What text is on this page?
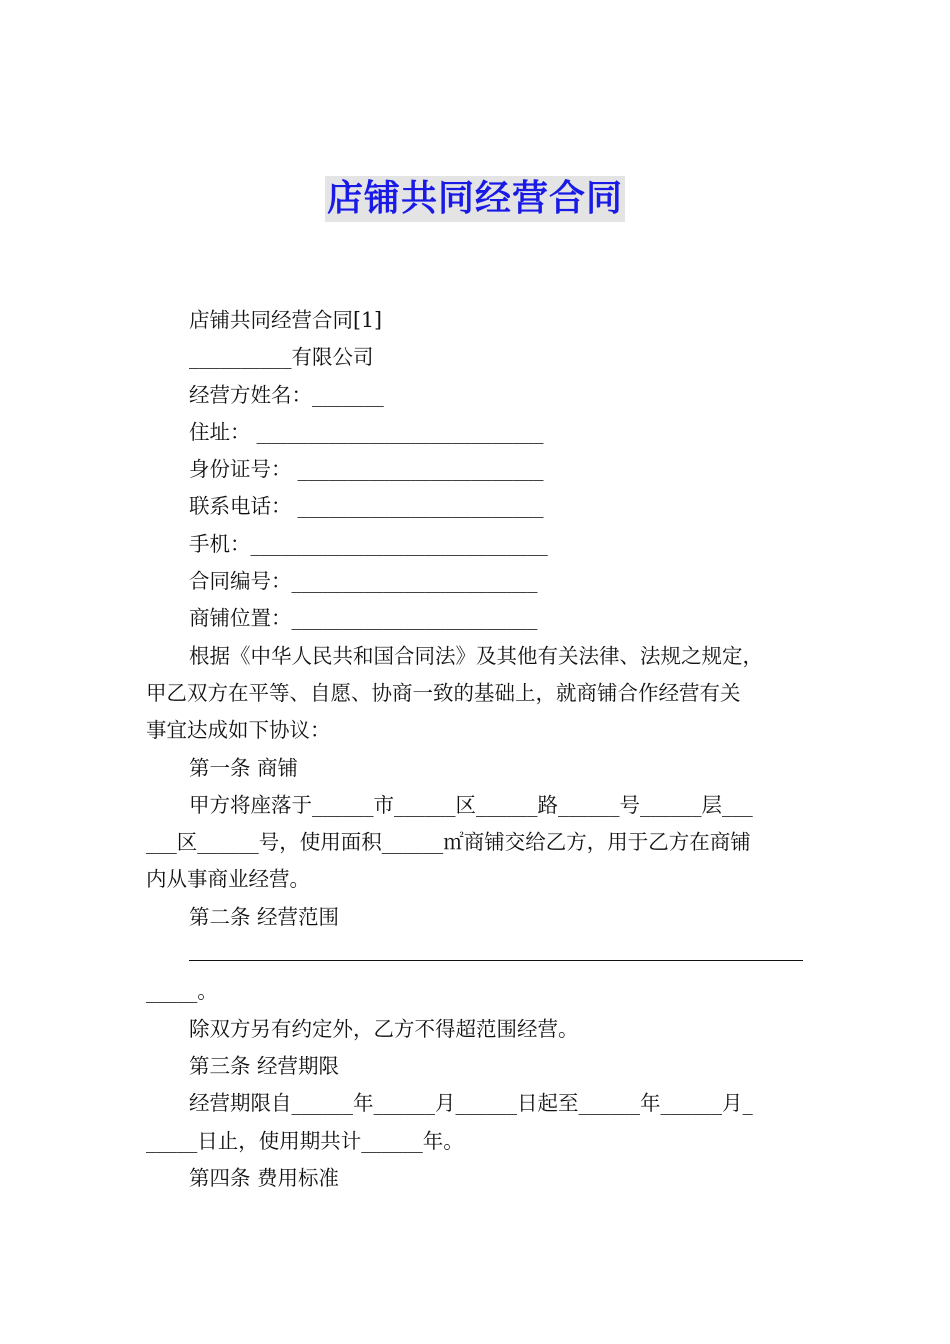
店铺共同经营合同
店铺共同经营合同[1]
__________有限公司
经营方姓名：_______
住址： ____________________________
身份证号： ________________________
联系电话： ________________________
手机：_____________________________
合同编号：________________________
商铺位置：________________________
根据《中华人民共和国合同法》及其他有关法律、法规之规定，
甲乙双方在平等、自愿、协商一致的基础上，就商铺合作经营有关
事宜达成如下协议：
第一条 商铺
甲方将座落于______市______区______路______号______层___
___区______号，使用面积______㎡商铺交给乙方，用于乙方在商铺
内从事商业经营。
第二条 经营范围
_____。
除双方另有约定外，乙方不得超范围经营。
第三条 经营期限
经营期限自______年______月______日起至______年______月_
_____日止，使用期共计______年。
第四条 费用标准
